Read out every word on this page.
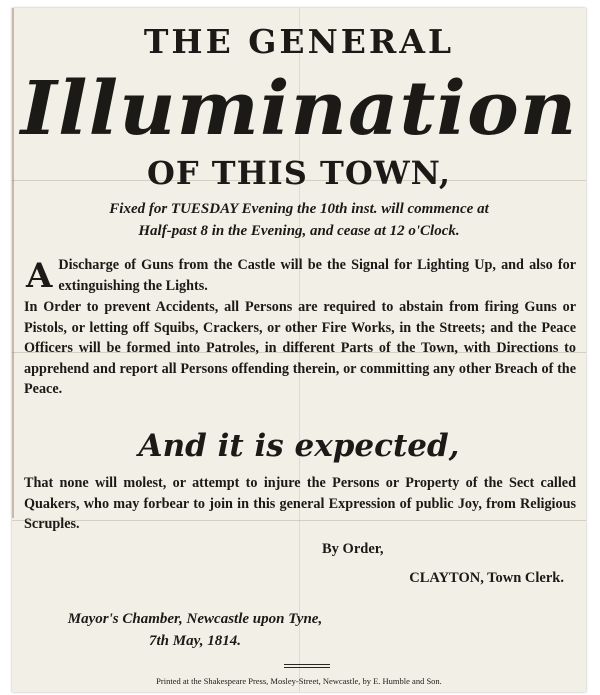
THE GENERAL
Illumination
OF THIS TOWN,
Fixed for TUESDAY Evening the 10th inst. will commence at
Half-past 8 in the Evening, and cease at 12 o'Clock.
A Discharge of Guns from the Castle will be the Signal for Lighting Up, and also for extinguishing the Lights.
In Order to prevent Accidents, all Persons are required to abstain from firing Guns or Pistols, or letting off Squibs, Crackers, or other Fire Works, in the Streets; and the Peace Officers will be formed into Patroles, in different Parts of the Town, with Directions to apprehend and report all Persons offending therein, or committing any other Breach of the Peace.
And it is expected,
That none will molest, or attempt to injure the Persons or Property of the Sect called Quakers, who may forbear to join in this general Expression of public Joy, from Religious Scruples.
By Order,
CLAYTON, Town Clerk.
Mayor's Chamber, Newcastle upon Tyne,
7th May, 1814.
Printed at the Shakespeare Press, Mosley-Street, Newcastle, by E. Humble and Son.
